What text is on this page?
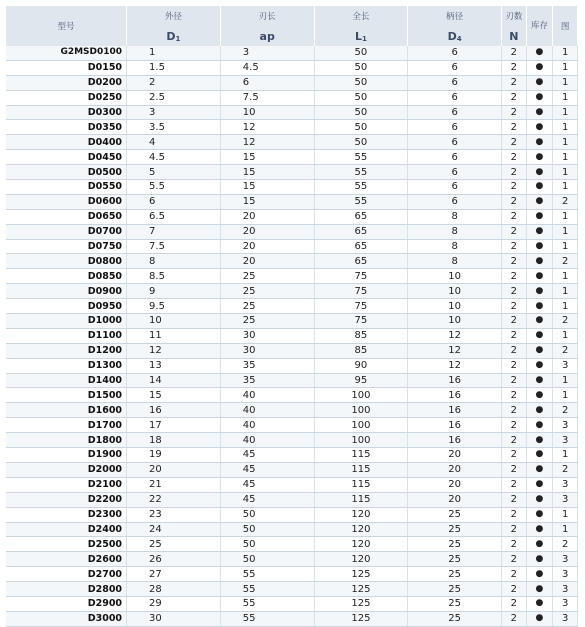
型号	外径	刃长	全长	柄径	刃数	库存	图
	$D_1$	ap	$L_1$	$D_4$	N		
G2MSD0100	1	3	50	6	2	●	1
D0150	1.5	4.5	50	6	2	●	1
D0200	2	6	50	6	2	●	1
D0250	2.5	7.5	50	6	2	●	1
D0300	3	10	50	6	2	●	1
D0350	3.5	12	50	6	2	●	1
D0400	4	12	50	6	2	●	1
D0450	4.5	15	55	6	2	●	1
D0500	5	15	55	6	2	●	1
D0550	5.5	15	55	6	2	●	1
D0600	6	15	55	6	2	●	2
D0650	6.5	20	65	8	2	●	1
D0700	7	20	65	8	2	●	1
D0750	7.5	20	65	8	2	●	1
D0800	8	20	65	8	2	●	2
D0850	8.5	25	75	10	2	●	1
D0900	9	25	75	10	2	●	1
D0950	9.5	25	75	10	2	●	1
D1000	10	25	75	10	2	●	2
D1100	11	30	85	12	2	●	1
D1200	12	30	85	12	2	●	2
D1300	13	35	90	12	2	●	3
D1400	14	35	95	16	2	●	1
D1500	15	40	100	16	2	●	1
D1600	16	40	100	16	2	●	2
D1700	17	40	100	16	2	●	3
D1800	18	40	100	16	2	●	3
D1900	19	45	115	20	2	●	1
D2000	20	45	115	20	2	●	2
D2100	21	45	115	20	2	●	3
D2200	22	45	115	20	2	●	3
D2300	23	50	120	25	2	●	1
D2400	24	50	120	25	2	●	1
D2500	25	50	120	25	2	●	2
D2600	26	50	120	25	2	●	3
D2700	27	55	125	25	2	●	3
D2800	28	55	125	25	2	●	3
D2900	29	55	125	25	2	●	3
D3000	30	55	125	25	2	●	3
